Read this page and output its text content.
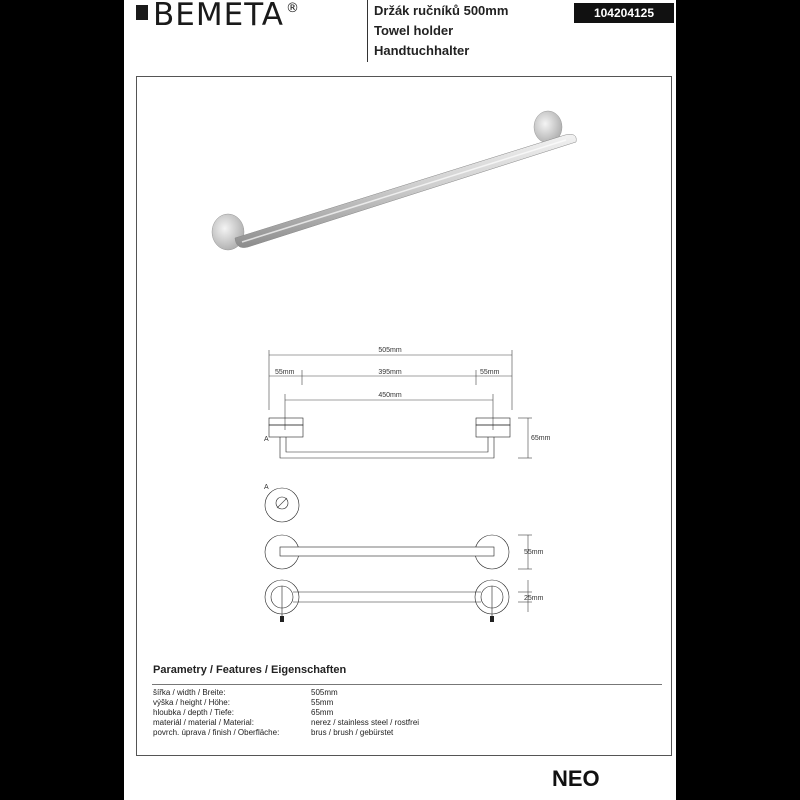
BEMETA ®	Držák ručníků 500mm
Towel holder
Handtuchhalter
104204125
505mm
55mm	395mm	55mm
450mm
65mm
A
A
55mm
25mm
Parametry / Features / Eigenschaften
šířka / width / Breite:	505mm
výška / height / Höhe:	55mm
hloubka / depth / Tiefe:	65mm
materiál / material / Material:	nerez / stainless steel / rostfrei
povrch. úprava / finish / Oberfläche:	brus / brush / gebürstet
NEO
